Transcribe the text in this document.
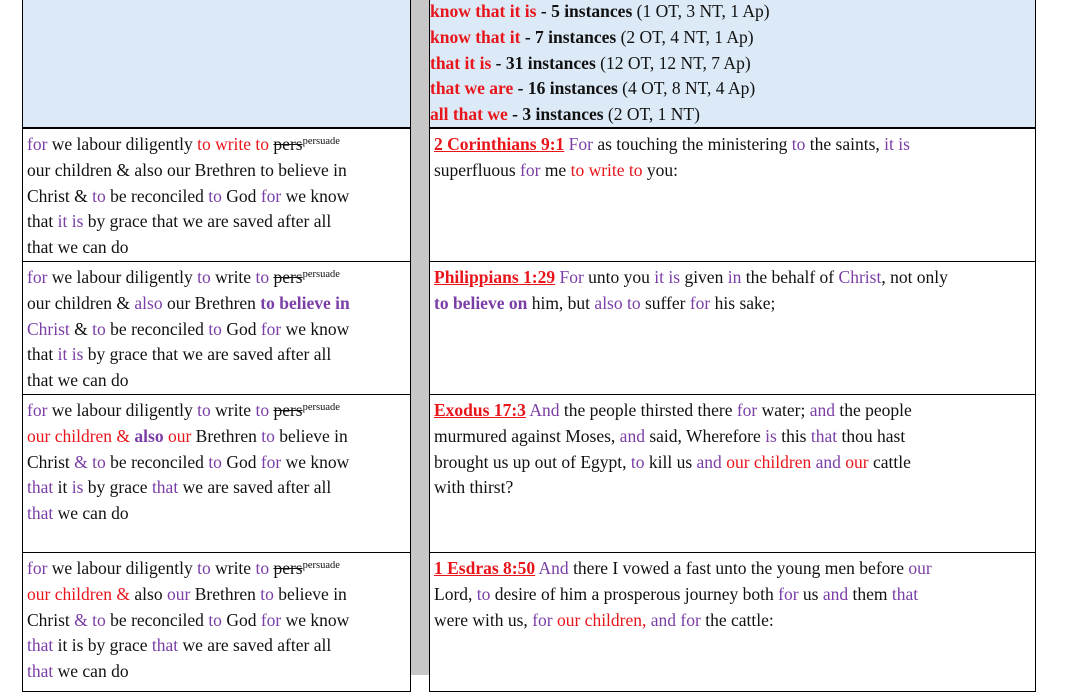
know that it is - 5 instances (1 OT, 3 NT, 1 Ap)
know that it - 7 instances (2 OT, 4 NT, 1 Ap)
that it is - 31 instances (12 OT, 12 NT, 7 Ap)
that we are - 16 instances (4 OT, 8 NT, 4 Ap)
all that we - 3 instances (2 OT, 1 NT)
for we labour diligently to write to pers$^{persuade}$
our children & also our Brethren to believe in
Christ & to be reconciled to God for we know
that it is by grace that we are saved after all
that we can do
2 Corinthians 9:1 For as touching the ministering to the saints, it is
superfluous for me to write to you:
for we labour diligently to write to pers$^{persuade}$
our children & also our Brethren to believe in
Christ & to be reconciled to God for we know
that it is by grace that we are saved after all
that we can do
Philippians 1:29 For unto you it is given in the behalf of Christ, not only
to believe on him, but also to suffer for his sake;
for we labour diligently to write to pers$^{persuade}$
our children & also our Brethren to believe in
Christ & to be reconciled to God for we know
that it is by grace that we are saved after all
that we can do
Exodus 17:3 And the people thirsted there for water; and the people
murmured against Moses, and said, Wherefore is this that thou hast
brought us up out of Egypt, to kill us and our children and our cattle
with thirst?
for we labour diligently to write to pers$^{persuade}$
our children & also our Brethren to believe in
Christ & to be reconciled to God for we know
that it is by grace that we are saved after all
that we can do
1 Esdras 8:50 And there I vowed a fast unto the young men before our
Lord, to desire of him a prosperous journey both for us and them that
were with us, for our children, and for the cattle:
